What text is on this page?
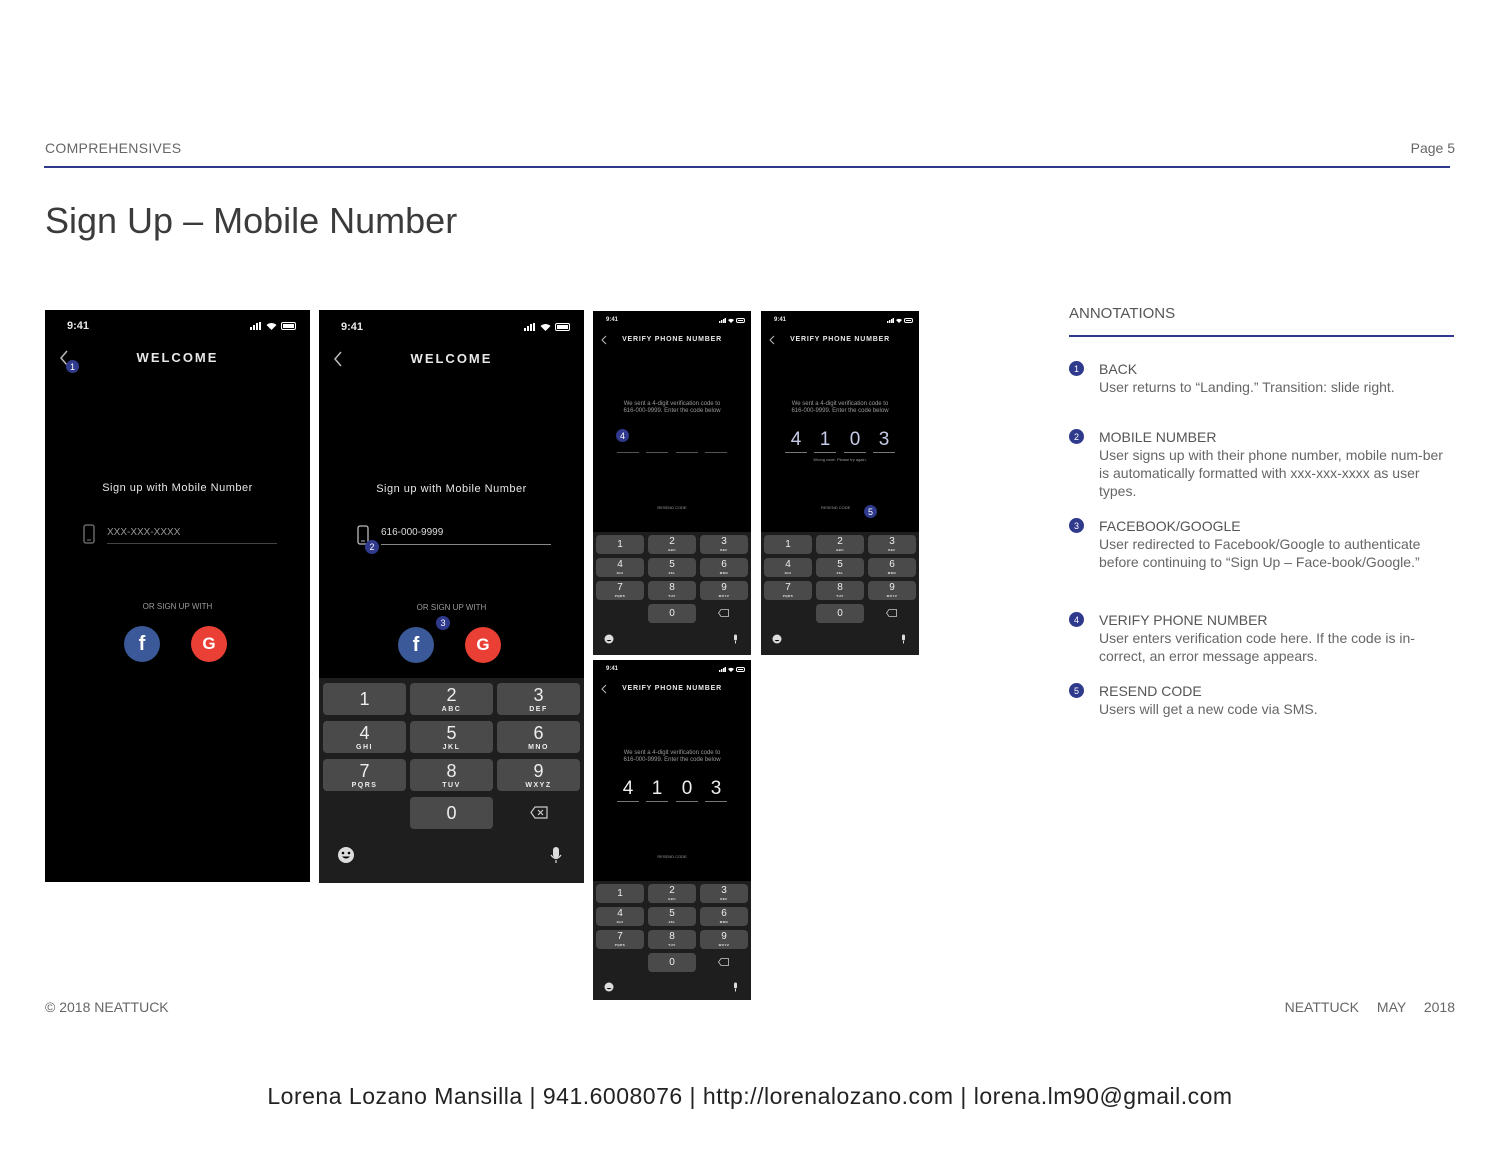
COMPREHENSIVES	Page 5
Sign Up – Mobile Number
9:41
1
WELCOME
Sign up with Mobile Number
XXX-XXX-XXXX
OR SIGN UP WITH
f	G
9:41
WELCOME
Sign up with Mobile Number
2
616-000-9999
OR SIGN UP WITH
3
f	G
1	2
ABC
3
DEF
4
GHI
5
JKL
6
MNO
7
PQRS
8
TUV
9
WXYZ
0
9:41
VERIFY PHONE NUMBER
We sent a 4-digit verification code to 616-000-9999. Enter the code below
4
RESEND CODE
1	2
ABC
3
DEF
4
GHI
5
JKL
6
MNO
7
PQRS
8
TUV
9
WXYZ
0
9:41
VERIFY PHONE NUMBER
We sent a 4-digit verification code to 616-000-9999. Enter the code below
4 1	0 3
Wrong code. Please try again.
RESEND CODE	5
1	2
ABC
3
DEF
4
GHI
5
JKL
6
MNO
7
PQRS
8
TUV
9
WXYZ
0
9:41
VERIFY PHONE NUMBER
We sent a 4-digit verification code to 616-000-9999. Enter the code below
4 1	0 3
RESEND CODE
1	2
ABC
3
DEF
4
GHI
5
JKL
6
MNO
7
PQRS
8
TUV
9
WXYZ
0
ANNOTATIONS
1	BACK
User returns to “Landing.” Transition: slide right.
2	MOBILE NUMBER
User signs up with their phone number, mobile num-ber is automatically formatted with xxx-xxx-xxxx as user types.
3	FACEBOOK/GOOGLE
User redirected to Facebook/Google to authenticate before continuing to “Sign Up – Face-book/Google.”
4	VERIFY PHONE NUMBER
User enters verification code here. If the code is in-correct, an error message appears.
5	RESEND CODE
Users will get a new code via SMS.
© 2018 NEATTUCK	NEATTUCK MAY 2018
Lorena Lozano Mansilla | 941.6008076 | http://lorenalozano.com | lorena.lm90@gmail.com
